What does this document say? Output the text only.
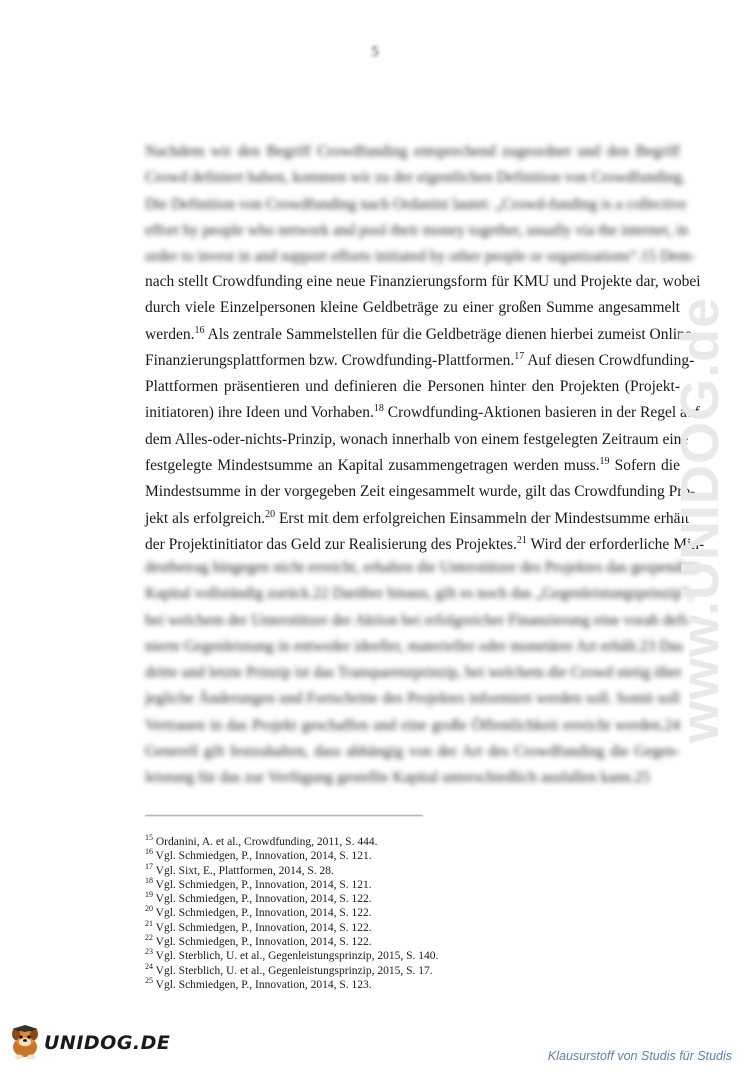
5
Nachdem wir den Begriff Crowdfunding entsprechend zugeordnet und den Begriff
Crowd definiert haben, kommen wir zu der eigentlichen Definition von Crowdfunding.
Die Definition von Crowdfunding nach Ordanini lautet: „Crowd-funding is a collective
effort by people who network and pool their money together, usually via the internet, in
order to invest in and support efforts initiated by other people or organizations“.15 Dem-
nach stellt Crowdfunding eine neue Finanzierungsform für KMU und Projekte dar, wobei
durch viele Einzelpersonen kleine Geldbeträge zu einer großen Summe angesammelt
werden.$^{16}$ Als zentrale Sammelstellen für die Geldbeträge dienen hierbei zumeist Online-
Finanzierungsplattformen bzw. Crowdfunding-Plattformen.$^{17}$ Auf diesen Crowdfunding-
Plattformen präsentieren und definieren die Personen hinter den Projekten (Projekt-
initiatoren) ihre Ideen und Vorhaben.$^{18}$ Crowdfunding-Aktionen basieren in der Regel auf
dem Alles-oder-nichts-Prinzip, wonach innerhalb von einem festgelegten Zeitraum eine
festgelegte Mindestsumme an Kapital zusammengetragen werden muss.$^{19}$ Sofern die
Mindestsumme in der vorgegeben Zeit eingesammelt wurde, gilt das Crowdfunding Pro-
jekt als erfolgreich.$^{20}$ Erst mit dem erfolgreichen Einsammeln der Mindestsumme erhält
der Projektinitiator das Geld zur Realisierung des Projektes.$^{21}$ Wird der erforderliche Min-
destbetrag hingegen nicht erreicht, erhalten die Unterstützer des Projektes das gespendete
Kapital vollständig zurück.22 Darüber hinaus, gilt es noch das „Gegenleistungsprinzip“,
bei welchem der Unterstützer der Aktion bei erfolgreicher Finanzierung eine vorab defi-
nierte Gegenleistung in entweder ideeller, materieller oder monetärer Art erhält.23 Das
dritte und letzte Prinzip ist das Transparenzprinzip, bei welchem die Crowd stetig über
jegliche Änderungen und Fortschritte des Projektes informiert werden soll. Somit soll
Vertrauen in das Projekt geschaffen und eine große Öffentlichkeit erreicht werden.24
Generell gilt festzuhalten, dass abhängig von der Art des Crowdfunding die Gegen-
leistung für das zur Verfügung gestellte Kapital unterschiedlich ausfallen kann.25
$^{15}$ Ordanini, A. et al., Crowdfunding, 2011, S. 444.
$^{16}$ Vgl. Schmiedgen, P., Innovation, 2014, S. 121.
$^{17}$ Vgl. Sixt, E., Plattformen, 2014, S. 28.
$^{18}$ Vgl. Schmiedgen, P., Innovation, 2014, S. 121.
$^{19}$ Vgl. Schmiedgen, P., Innovation, 2014, S. 122.
$^{20}$ Vgl. Schmiedgen, P., Innovation, 2014, S. 122.
$^{21}$ Vgl. Schmiedgen, P., Innovation, 2014, S. 122.
$^{22}$ Vgl. Schmiedgen, P., Innovation, 2014, S. 122.
$^{23}$ Vgl. Sterblich, U. et al., Gegenleistungsprinzip, 2015, S. 140.
$^{24}$ Vgl. Sterblich, U. et al., Gegenleistungsprinzip, 2015, S. 17.
$^{25}$ Vgl. Schmiedgen, P., Innovation, 2014, S. 123.
www.UNIDOG.de
UNIDOG.DE
Klausurstoff von Studis für Studis
